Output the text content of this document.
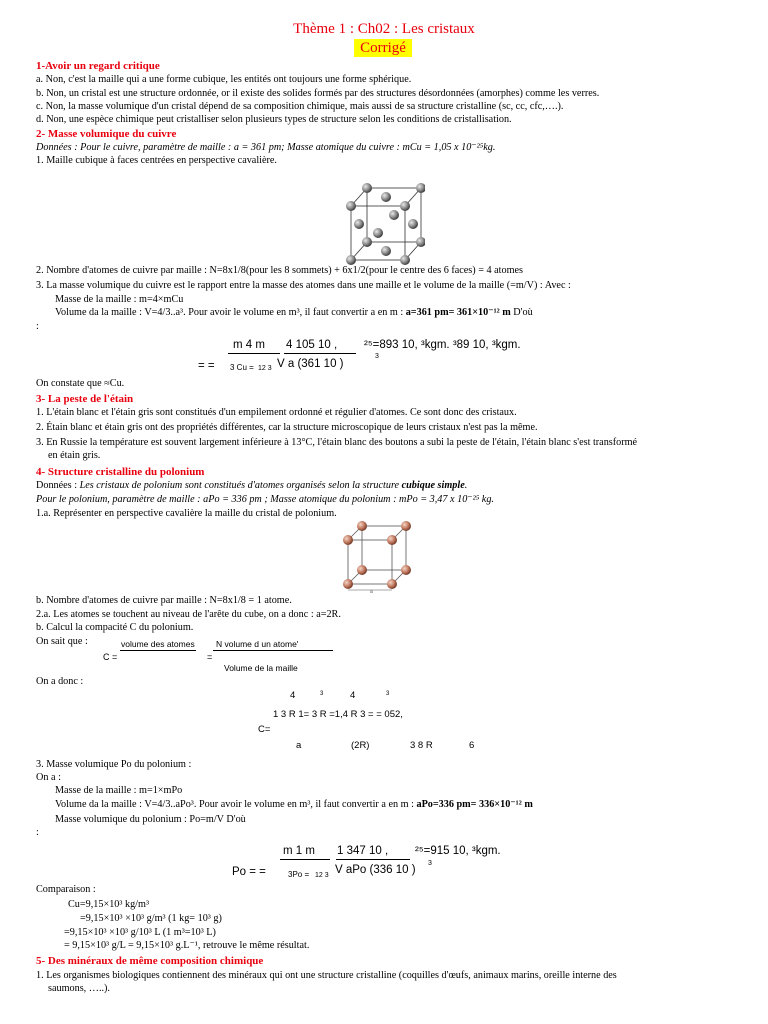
Thème 1 : Ch02 : Les cristaux
Corrigé
1-Avoir un regard critique
a. Non, c'est la maille qui a une forme cubique, les entités ont toujours une forme sphérique.
b. Non, un cristal est une structure ordonnée, or il existe des solides formés par des structures désordonnées (amorphes) comme les verres.
c. Non, la masse volumique d'un cristal dépend de sa composition chimique, mais aussi de sa structure cristalline (sc, cc, cfc,….).
d. Non, une espèce chimique peut cristalliser selon plusieurs types de structure selon les conditions de cristallisation.
2- Masse volumique du cuivre
Données : Pour le cuivre, paramètre de maille : a = 361 pm; Masse atomique du cuivre : mCu = 1,05 x 10⁻²⁵kg.
1. Maille cubique à faces centrées en perspective cavalière.
2. Nombre d'atomes de cuivre par maille : N=8x1/8(pour les 8 sommets) + 6x1/2(pour le centre des 6 faces) = 4 atomes
3. La masse volumique du cuivre est le rapport entre la masse des atomes dans une maille et le volume de la maille (=m/V) : Avec :
Masse de la maille : m=4×mCu
Volume da la maille : V=4/3..a³. Pour avoir le volume en m³, il faut convertir a en m : a=361 pm= 361×10⁻¹² m D'où
:
m 4 m 4 105 10 , ²⁵=893 10, ³kgm. ³89 10, ³kgm.
= = 3 Cu = 12 3 V a (361 10 )
3
On constate que ≈Cu.
3- La peste de l'étain
1. L'étain blanc et l'étain gris sont constitués d'un empilement ordonné et régulier d'atomes. Ce sont donc des cristaux.
2. Étain blanc et étain gris ont des propriétés différentes, car la structure microscopique de leurs cristaux n'est pas la même.
3. En Russie la température est souvent largement inférieure à 13°C, l'étain blanc des boutons a subi la peste de l'étain, l'étain blanc s'est transformé
en étain gris.
4- Structure cristalline du polonium
Données : Les cristaux de polonium sont constitués d'atomes organisés selon la structure cubique simple.
Pour le polonium, paramètre de maille : aPo = 336 pm ; Masse atomique du polonium : mPo = 3,47 x 10⁻²⁵ kg.
1.a. Représenter en perspective cavalière la maille du cristal de polonium.
a
b. Nombre d'atomes de cuivre par maille : N=8x1/8 = 1 atome.
2.a. Les atomes se touchent au niveau de l'arête du cube, on a donc : a=2R.
b. Calcul la compacité C du polonium.
On sait que :
C =
volume des atomes
=
N volume d un atome'
Volume de la maille
On a donc :
4	3	4	3
1 3 R 1= 3 R =1,4 R 3 = = 052,
C=
a	(2R)	3 8 R	6
3. Masse volumique Po du polonium :
On a :
Masse de la maille : m=1×mPo
Volume da la maille : V=4/3..aPo³. Pour avoir le volume en m³, il faut convertir a en m : aPo=336 pm= 336×10⁻¹² m
Masse volumique du polonium : Po=m/V D'où
:
m 1 m 1 347 10 , ²⁵=915 10, ³kgm.
Po = =	3Po = 12 3 V aPo (336 10 )
3
Comparaison :
Cu=9,15×10³ kg/m³
=9,15×10³ ×10³ g/m³ (1 kg= 10³ g)
=9,15×10³ ×10³ g/10³ L (1 m³=10³ L)
= 9,15×10³ g/L = 9,15×10³ g.L⁻¹, retrouve le même résultat.
5- Des minéraux de même composition chimique
1. Les organismes biologiques contiennent des minéraux qui ont une structure cristalline (coquilles d'œufs, animaux marins, oreille interne des
saumons, …..).
